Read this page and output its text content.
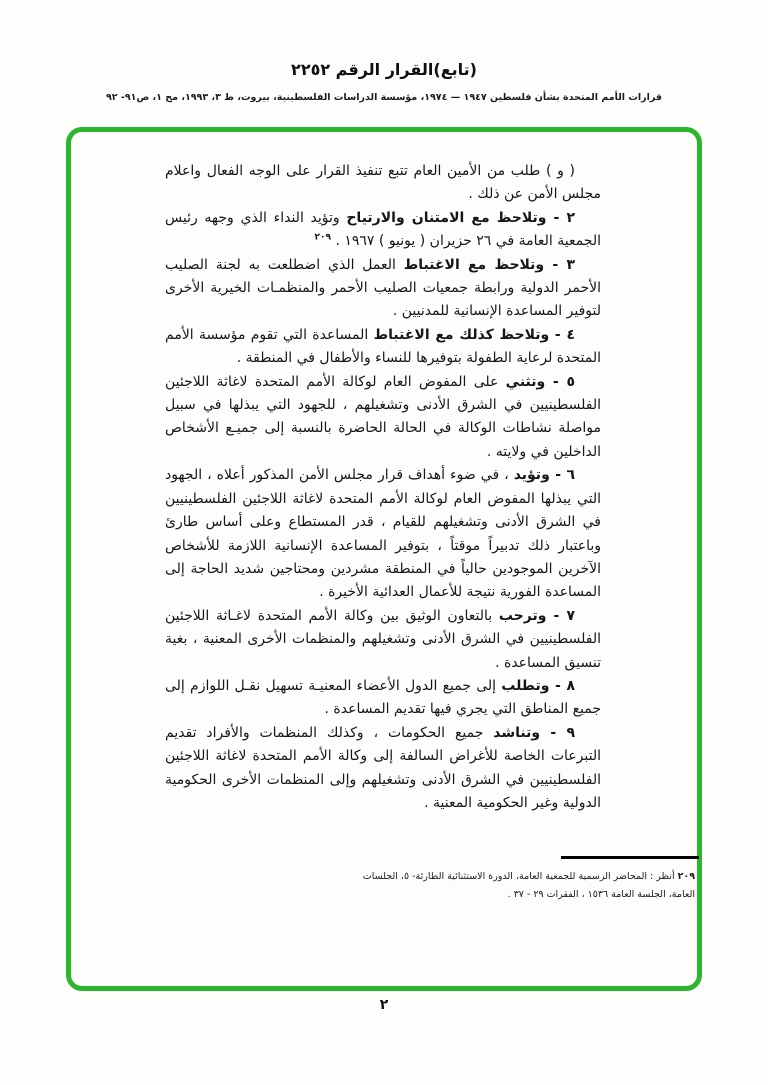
(تابع)القرار الرقم ٢٢٥٢
قرارات الأمم المتحدة بشأن فلسطين ١٩٤٧ — ١٩٧٤، مؤسسة الدراسات الفلسطينية، بيروت، ط ٣، ١٩٩٣، مج ١، ص٩١- ٩٢

( و ) طلب من الأمين العام تتبع تنفيذ القرار على الوجه الفعال واعلام مجلس الأمن عن ذلك .

٢ - وتلاحظ مع الامتنان والارتياح وتؤيد النداء الذي وجهه رئيس الجمعية العامة في ٢٦ حزيران ( يونيو ) ١٩٦٧ . $^{٢٠٩}$

٣ - وتلاحظ مع الاغتباط العمل الذي اضطلعت به لجنة الصليب الأحمر الدولية ورابطة جمعيات الصليب الأحمر والمنظمـات الخيرية الأخرى لتوفير المساعدة الإنسانية للمدنيين .

٤ - وتلاحظ كذلك مع الاغتباط المساعدة التي تقوم مؤسسة الأمم المتحدة لرعاية الطفولة بتوفيرها للنساء والأطفال في المنطقة .

٥ - وتثني على المفوض العام لوكالة الأمم المتحدة لاغاثة اللاجئين الفلسطينيين في الشرق الأدنى وتشغيلهم ، للجهود التي يبذلها في سبيل مواصلة نشاطات الوكالة في الحالة الحاضرة بالنسبة إلى جميـع الأشخاص الداخلين في ولايته .

٦ - وتؤيد ، في ضوء أهداف قرار مجلس الأمن المذكور أعلاه ، الجهود التي يبذلها المفوض العام لوكالة الأمم المتحدة لاغاثة اللاجئين الفلسطينيين في الشرق الأدنى وتشغيلهم للقيام ، قدر المستطاع وعلى أساس طارئ وباعتبار ذلك تدبيراً موقتاً ، بتوفير المساعدة الإنسانية اللازمة للأشخاص الآخرين الموجودين حالياً في المنطقة مشردين ومحتاجين شديد الحاجة إلى المساعدة الفورية نتيجة للأعمال العدائية الأخيرة .

٧ - وترحب بالتعاون الوثيق بين وكالة الأمم المتحدة لاغـاثة اللاجئين الفلسطينيين في الشرق الأدنى وتشغيلهم والمنظمات الأخرى المعنية ، بغية تنسيق المساعدة .

٨ - وتطلب إلى جميع الدول الأعضاء المعنيـة تسهيل نقـل اللوازم إلى جميع المناطق التي يجري فيها تقديم المساعدة .

٩ - وتناشد جميع الحكومات ، وكذلك المنظمات والأفراد تقديم التبرعات الخاصة للأغراض السالفة إلى وكالة الأمم المتحدة لاغاثة اللاجئين الفلسطينيين في الشرق الأدنى وتشغيلهم وإلى المنظمات الأخرى الحكومية الدولية وغير الحكومية المعنية .

٢٠٩أنظر : المحاضر الرسمية للجمعية العامة، الدورة الاستثنائية الطارئة- ٥، الجلسات العامة، الجلسة العامة ١٥٣٦ ، الفقرات ٢٩ - ٣٧ .

٢
